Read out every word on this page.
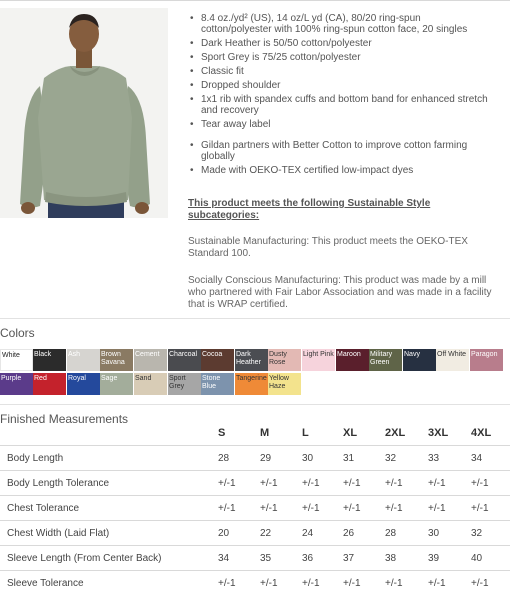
• 8.4 oz./yd² (US), 14 oz/L yd (CA), 80/20 ring-spun cotton/polyester with 100% ring-spun cotton face, 20 singles
• Dark Heather is 50/50 cotton/polyester
• Sport Grey is 75/25 cotton/polyester
• Classic fit
• Dropped shoulder
• 1x1 rib with spandex cuffs and bottom band for enhanced stretch and recovery
• Tear away label
• Gildan partners with Better Cotton to improve cotton farming globally
• Made with OEKO-TEX certified low-impact dyes
This product meets the following Sustainable Style subcategories:
Sustainable Manufacturing: This product meets the OEKO-TEX Standard 100.
Socially Conscious Manufacturing: This product was made by a mill who partnered with Fair Labor Association and was made in a facility that is WRAP certified.
Colors
White	Black	Ash	Brown Savana
Cement	Charcoal Cocoa	Dark Heather
Dusty Rose
Light Pink Maroon	Military Green
Navy	Off White Paragon
Purple	Red	Royal	Sage	Sand	Sport Grey
Stone Blue
Tangerine Yellow Haze
Finished Measurements
S	M	L	XL	2XL 3XL 4XL
Body Length	28	29	30	31	32	33	34
Body Length Tolerance	+/-1 +/-1 +/-1 +/-1 +/-1	+/-1	+/-1
Chest Tolerance	+/-1 +/-1 +/-1 +/-1 +/-1	+/-1	+/-1
Chest Width (Laid Flat)	20	22	24	26	28	30	32
Sleeve Length (From Center Back)	34	35	36	37	38	39	40
Sleeve Tolerance	+/-1 +/-1 +/-1 +/-1 +/-1	+/-1	+/-1
